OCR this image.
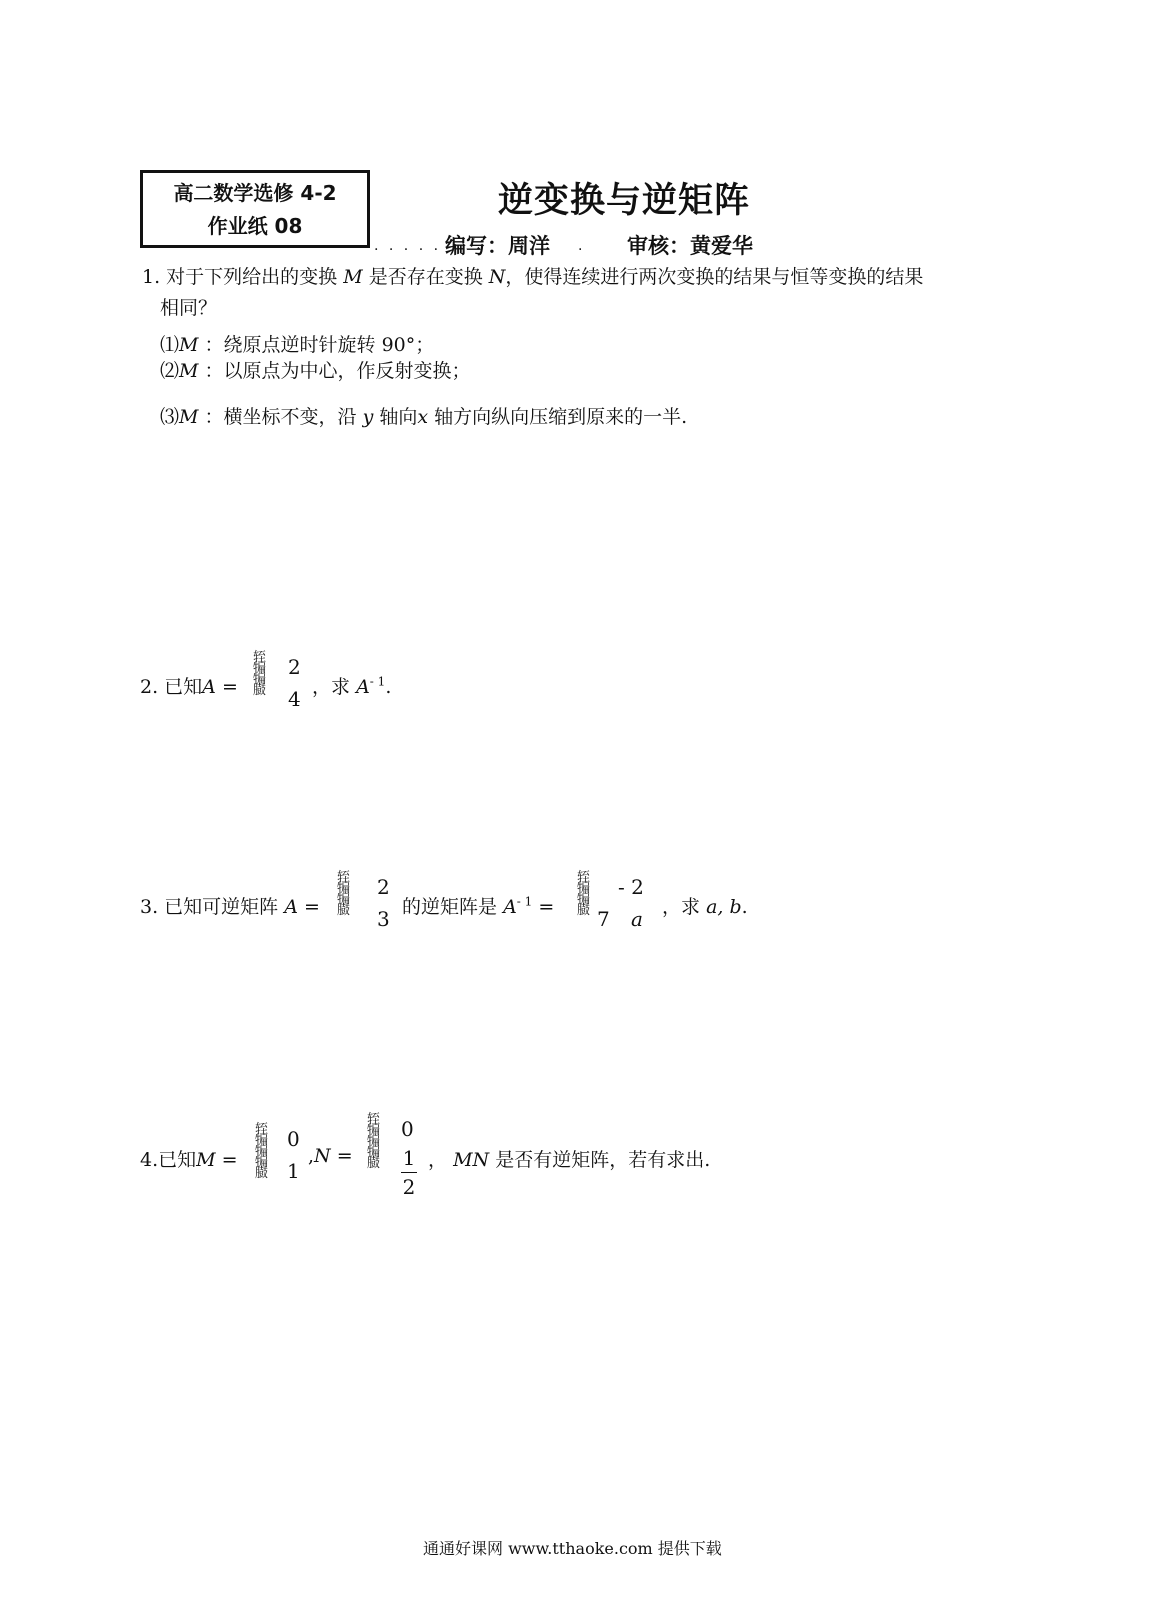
高二数学选修 4-2
作业纸 08
逆变换与逆矩阵
. . . . . 编写：周洋 . 审核：黄爱华
1. 对于下列给出的变换 M 是否存在变换 N，使得连续进行两次变换的结果与恒等变换的结果
相同？
⑴M ：绕原点逆时针旋转 90°；
⑵M ：以原点为中心，作反射变换；
⑶M ：横坐标不变，沿 y 轴向x 轴方向纵向压缩到原来的一半.
2. 已知A =
轾
犏
犏
臌
2
4 ，求 $A^{- 1}$.
3. 已知可逆矩阵 A =
轾
犏
犏
臌
2
3 的逆矩阵是 $A^{- 1}$ =
轾
犏
犏
臌 7
- 2
a ，求 a, b.
4.已知M =
轾
犏
犏
犏
臌
0
1
,N =
轾
犏
犏
犏
臌
0
1
2
， MN 是否有逆矩阵，若有求出.
通通好课网 www.tthaoke.com 提供下载
